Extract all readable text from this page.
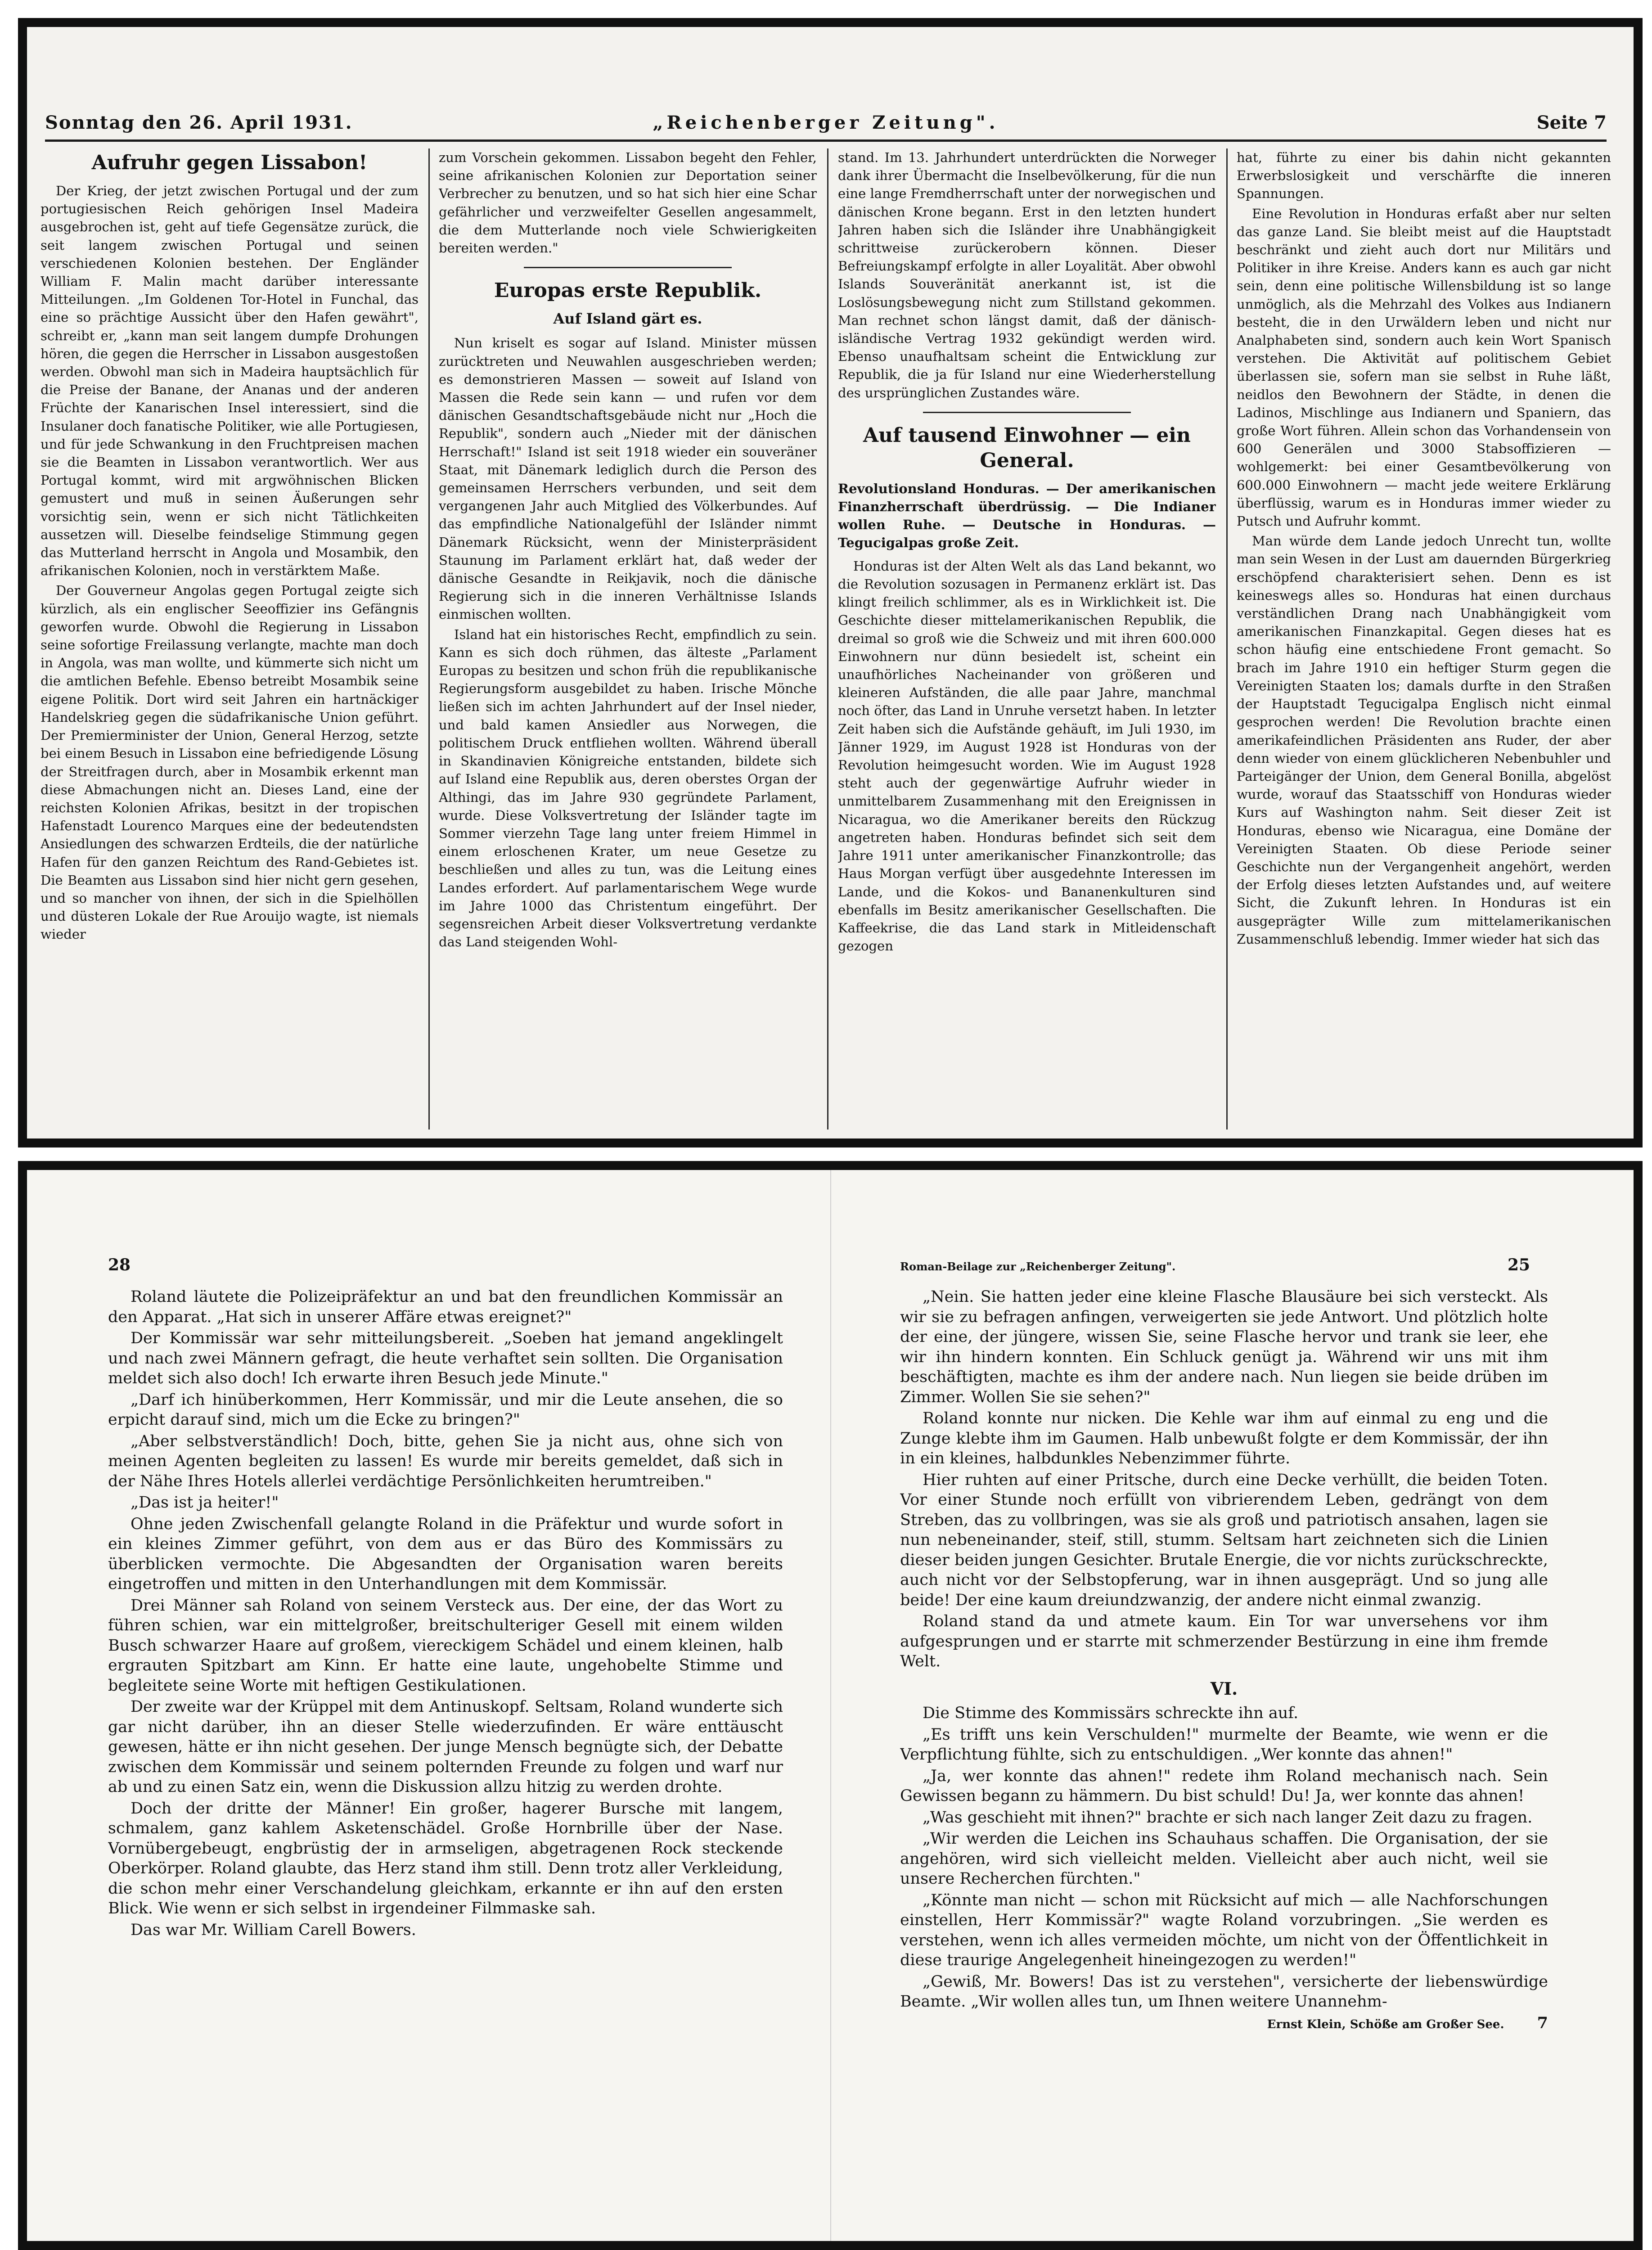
Sonntag den 26. April 1931.	„Reichenberger Zeitung".	Seite 7
Aufruhr gegen Lissabon!

Der Krieg, der jetzt zwischen Portugal und der zum portugiesischen Reich gehörigen Insel Madeira ausgebrochen ist, geht auf tiefe Gegensätze zurück, die seit langem zwischen Portugal und seinen verschiedenen Kolonien bestehen. Der Engländer William F. Malin macht darüber interessante Mitteilungen. „Im Goldenen Tor-Hotel in Funchal, das eine so prächtige Aussicht über den Hafen gewährt", schreibt er, „kann man seit langem dumpfe Drohungen hören, die gegen die Herrscher in Lissabon ausgestoßen werden. Obwohl man sich in Madeira hauptsächlich für die Preise der Banane, der Ananas und der anderen Früchte der Kanarischen Insel interessiert, sind die Insulaner doch fanatische Politiker, wie alle Portugiesen, und für jede Schwankung in den Fruchtpreisen machen sie die Beamten in Lissabon verantwortlich. Wer aus Portugal kommt, wird mit argwöhnischen Blicken gemustert und muß in seinen Äußerungen sehr vorsichtig sein, wenn er sich nicht Tätlichkeiten aussetzen will. Dieselbe feindselige Stimmung gegen das Mutterland herrscht in Angola und Mosambik, den afrikanischen Kolonien, noch in verstärktem Maße.

Der Gouverneur Angolas gegen Portugal zeigte sich kürzlich, als ein englischer Seeoffizier ins Gefängnis geworfen wurde. Obwohl die Regierung in Lissabon seine sofortige Freilassung verlangte, machte man doch in Angola, was man wollte, und kümmerte sich nicht um die amtlichen Befehle. Ebenso betreibt Mosambik seine eigene Politik. Dort wird seit Jahren ein hartnäckiger Handelskrieg gegen die südafrikanische Union geführt. Der Premierminister der Union, General Herzog, setzte bei einem Besuch in Lissabon eine befriedigende Lösung der Streitfragen durch, aber in Mosambik erkennt man diese Abmachungen nicht an. Dieses Land, eine der reichsten Kolonien Afrikas, besitzt in der tropischen Hafenstadt Lourenco Marques eine der bedeutendsten Ansiedlungen des schwarzen Erdteils, die der natürliche Hafen für den ganzen Reichtum des Rand-Gebietes ist. Die Beamten aus Lissabon sind hier nicht gern gesehen, und so mancher von ihnen, der sich in die Spielhöllen und düsteren Lokale der Rue Arouijo wagte, ist niemals wieder

zum Vorschein gekommen. Lissabon begeht den Fehler, seine afrikanischen Kolonien zur Deportation seiner Verbrecher zu benutzen, und so hat sich hier eine Schar gefährlicher und verzweifelter Gesellen angesammelt, die dem Mutterlande noch viele Schwierigkeiten bereiten werden."

Europas erste Republik.
Auf Island gärt es.

Nun kriselt es sogar auf Island. Minister müssen zurücktreten und Neuwahlen ausgeschrieben werden; es demonstrieren Massen — soweit auf Island von Massen die Rede sein kann — und rufen vor dem dänischen Gesandtschaftsgebäude nicht nur „Hoch die Republik", sondern auch „Nieder mit der dänischen Herrschaft!" Island ist seit 1918 wieder ein souveräner Staat, mit Dänemark lediglich durch die Person des gemeinsamen Herrschers verbunden, und seit dem vergangenen Jahr auch Mitglied des Völkerbundes. Auf das empfindliche Nationalgefühl der Isländer nimmt Dänemark Rücksicht, wenn der Ministerpräsident Staunung im Parlament erklärt hat, daß weder der dänische Gesandte in Reikjavik, noch die dänische Regierung sich in die inneren Verhältnisse Islands einmischen wollten.

Island hat ein historisches Recht, empfindlich zu sein. Kann es sich doch rühmen, das älteste „Parlament Europas zu besitzen und schon früh die republikanische Regierungsform ausgebildet zu haben. Irische Mönche ließen sich im achten Jahrhundert auf der Insel nieder, und bald kamen Ansiedler aus Norwegen, die politischem Druck entfliehen wollten. Während überall in Skandinavien Königreiche entstanden, bildete sich auf Island eine Republik aus, deren oberstes Organ der Althingi, das im Jahre 930 gegründete Parlament, wurde. Diese Volksvertretung der Isländer tagte im Sommer vierzehn Tage lang unter freiem Himmel in einem erloschenen Krater, um neue Gesetze zu beschließen und alles zu tun, was die Leitung eines Landes erfordert. Auf parlamentarischem Wege wurde im Jahre 1000 das Christentum eingeführt. Der segensreichen Arbeit dieser Volksvertretung verdankte das Land steigenden Wohl-

stand. Im 13. Jahrhundert unterdrückten die Norweger dank ihrer Übermacht die Inselbevölkerung, für die nun eine lange Fremdherrschaft unter der norwegischen und dänischen Krone begann. Erst in den letzten hundert Jahren haben sich die Isländer ihre Unabhängigkeit schrittweise zurückerobern können. Dieser Befreiungskampf erfolgte in aller Loyalität. Aber obwohl Islands Souveränität anerkannt ist, ist die Loslösungsbewegung nicht zum Stillstand gekommen. Man rechnet schon längst damit, daß der dänisch-isländische Vertrag 1932 gekündigt werden wird. Ebenso unaufhaltsam scheint die Entwicklung zur Republik, die ja für Island nur eine Wiederherstellung des ursprünglichen Zustandes wäre.

Auf tausend Einwohner — ein General.
Revolutionsland Honduras. — Der amerikanischen Finanzherrschaft überdrüssig. — Die Indianer wollen Ruhe. — Deutsche in Honduras. — Tegucigalpas große Zeit.

Honduras ist der Alten Welt als das Land bekannt, wo die Revolution sozusagen in Permanenz erklärt ist. Das klingt freilich schlimmer, als es in Wirklichkeit ist. Die Geschichte dieser mittelamerikanischen Republik, die dreimal so groß wie die Schweiz und mit ihren 600.000 Einwohnern nur dünn besiedelt ist, scheint ein unaufhörliches Nacheinander von größeren und kleineren Aufständen, die alle paar Jahre, manchmal noch öfter, das Land in Unruhe versetzt haben. In letzter Zeit haben sich die Aufstände gehäuft, im Juli 1930, im Jänner 1929, im August 1928 ist Honduras von der Revolution heimgesucht worden. Wie im August 1928 steht auch der gegenwärtige Aufruhr wieder in unmittelbarem Zusammenhang mit den Ereignissen in Nicaragua, wo die Amerikaner bereits den Rückzug angetreten haben. Honduras befindet sich seit dem Jahre 1911 unter amerikanischer Finanzkontrolle; das Haus Morgan verfügt über ausgedehnte Interessen im Lande, und die Kokos- und Bananenkulturen sind ebenfalls im Besitz amerikanischer Gesellschaften. Die Kaffeekrise, die das Land stark in Mitleidenschaft gezogen

hat, führte zu einer bis dahin nicht gekannten Erwerbslosigkeit und verschärfte die inneren Spannungen.

Eine Revolution in Honduras erfaßt aber nur selten das ganze Land. Sie bleibt meist auf die Hauptstadt beschränkt und zieht auch dort nur Militärs und Politiker in ihre Kreise. Anders kann es auch gar nicht sein, denn eine politische Willensbildung ist so lange unmöglich, als die Mehrzahl des Volkes aus Indianern besteht, die in den Urwäldern leben und nicht nur Analphabeten sind, sondern auch kein Wort Spanisch verstehen. Die Aktivität auf politischem Gebiet überlassen sie, sofern man sie selbst in Ruhe läßt, neidlos den Bewohnern der Städte, in denen die Ladinos, Mischlinge aus Indianern und Spaniern, das große Wort führen. Allein schon das Vorhandensein von 600 Generälen und 3000 Stabsoffizieren — wohlgemerkt: bei einer Gesamtbevölkerung von 600.000 Einwohnern — macht jede weitere Erklärung überflüssig, warum es in Honduras immer wieder zu Putsch und Aufruhr kommt.

Man würde dem Lande jedoch Unrecht tun, wollte man sein Wesen in der Lust am dauernden Bürgerkrieg erschöpfend charakterisiert sehen. Denn es ist keineswegs alles so. Honduras hat einen durchaus verständlichen Drang nach Unabhängigkeit vom amerikanischen Finanzkapital. Gegen dieses hat es schon häufig eine entschiedene Front gemacht. So brach im Jahre 1910 ein heftiger Sturm gegen die Vereinigten Staaten los; damals durfte in den Straßen der Hauptstadt Tegucigalpa Englisch nicht einmal gesprochen werden! Die Revolution brachte einen amerikafeindlichen Präsidenten ans Ruder, der aber denn wieder von einem glücklicheren Nebenbuhler und Parteigänger der Union, dem General Bonilla, abgelöst wurde, worauf das Staatsschiff von Honduras wieder Kurs auf Washington nahm. Seit dieser Zeit ist Honduras, ebenso wie Nicaragua, eine Domäne der Vereinigten Staaten. Ob diese Periode seiner Geschichte nun der Vergangenheit angehört, werden der Erfolg dieses letzten Aufstandes und, auf weitere Sicht, die Zukunft lehren. In Honduras ist ein ausgeprägter Wille zum mittelamerikanischen Zusammenschluß lebendig. Immer wieder hat sich das

28	Roman-Beilage zur „Reichenberger Zeitung".	25

Roland läutete die Polizeipräfektur an und bat den freundlichen Kommissär an den Apparat. „Hat sich in unserer Affäre etwas ereignet?"

Der Kommissär war sehr mitteilungsbereit. „Soeben hat jemand angeklingelt und nach zwei Männern gefragt, die heute verhaftet sein sollten. Die Organisation meldet sich also doch! Ich erwarte ihren Besuch jede Minute."

„Darf ich hinüberkommen, Herr Kommissär, und mir die Leute ansehen, die so erpicht darauf sind, mich um die Ecke zu bringen?"

„Aber selbstverständlich! Doch, bitte, gehen Sie ja nicht aus, ohne sich von meinen Agenten begleiten zu lassen! Es wurde mir bereits gemeldet, daß sich in der Nähe Ihres Hotels allerlei verdächtige Persönlichkeiten herumtreiben."

„Das ist ja heiter!"

Ohne jeden Zwischenfall gelangte Roland in die Präfektur und wurde sofort in ein kleines Zimmer geführt, von dem aus er das Büro des Kommissärs zu überblicken vermochte. Die Abgesandten der Organisation waren bereits eingetroffen und mitten in den Unterhandlungen mit dem Kommissär.

Drei Männer sah Roland von seinem Versteck aus. Der eine, der das Wort zu führen schien, war ein mittelgroßer, breitschulteriger Gesell mit einem wilden Busch schwarzer Haare auf großem, viereckigem Schädel und einem kleinen, halb ergrauten Spitzbart am Kinn. Er hatte eine laute, ungehobelte Stimme und begleitete seine Worte mit heftigen Gestikulationen.

Der zweite war der Krüppel mit dem Antinuskopf. Seltsam, Roland wunderte sich gar nicht darüber, ihn an dieser Stelle wiederzufinden. Er wäre enttäuscht gewesen, hätte er ihn nicht gesehen. Der junge Mensch begnügte sich, der Debatte zwischen dem Kommissär und seinem polternden Freunde zu folgen und warf nur ab und zu einen Satz ein, wenn die Diskussion allzu hitzig zu werden drohte.

Doch der dritte der Männer! Ein großer, hagerer Bursche mit langem, schmalem, ganz kahlem Asketenschädel. Große Hornbrille über der Nase. Vornübergebeugt, engbrüstig der in armseligen, abgetragenen Rock steckende Oberkörper. Roland glaubte, das Herz stand ihm still. Denn trotz aller Verkleidung, die schon mehr einer Verschandelung gleichkam, erkannte er ihn auf den ersten Blick. Wie wenn er sich selbst in irgendeiner Filmmaske sah.

Das war Mr. William Carell Bowers.

„Nein. Sie hatten jeder eine kleine Flasche Blausäure bei sich versteckt. Als wir sie zu befragen anfingen, verweigerten sie jede Antwort. Und plötzlich holte der eine, der jüngere, wissen Sie, seine Flasche hervor und trank sie leer, ehe wir ihn hindern konnten. Ein Schluck genügt ja. Während wir uns mit ihm beschäftigten, machte es ihm der andere nach. Nun liegen sie beide drüben im Zimmer. Wollen Sie sie sehen?"

Roland konnte nur nicken. Die Kehle war ihm auf einmal zu eng und die Zunge klebte ihm im Gaumen. Halb unbewußt folgte er dem Kommissär, der ihn in ein kleines, halbdunkles Nebenzimmer führte.

Hier ruhten auf einer Pritsche, durch eine Decke verhüllt, die beiden Toten. Vor einer Stunde noch erfüllt von vibrierendem Leben, gedrängt von dem Streben, das zu vollbringen, was sie als groß und patriotisch ansahen, lagen sie nun nebeneinander, steif, still, stumm. Seltsam hart zeichneten sich die Linien dieser beiden jungen Gesichter. Brutale Energie, die vor nichts zurückschreckte, auch nicht vor der Selbstopferung, war in ihnen ausgeprägt. Und so jung alle beide! Der eine kaum dreiundzwanzig, der andere nicht einmal zwanzig.

Roland stand da und atmete kaum. Ein Tor war unversehens vor ihm aufgesprungen und er starrte mit schmerzender Bestürzung in eine ihm fremde Welt.

VI.

Die Stimme des Kommissärs schreckte ihn auf.

„Es trifft uns kein Verschulden!" murmelte der Beamte, wie wenn er die Verpflichtung fühlte, sich zu entschuldigen. „Wer konnte das ahnen!"

„Ja, wer konnte das ahnen!" redete ihm Roland mechanisch nach. Sein Gewissen begann zu hämmern. Du bist schuld! Du! Ja, wer konnte das ahnen!

„Was geschieht mit ihnen?" brachte er sich nach langer Zeit dazu zu fragen.

„Wir werden die Leichen ins Schauhaus schaffen. Die Organisation, der sie angehören, wird sich vielleicht melden. Vielleicht aber auch nicht, weil sie unsere Recherchen fürchten."

„Könnte man nicht — schon mit Rücksicht auf mich — alle Nachforschungen einstellen, Herr Kommissär?" wagte Roland vorzubringen. „Sie werden es verstehen, wenn ich alles vermeiden möchte, um nicht von der Öffentlichkeit in diese traurige Angelegenheit hineingezogen zu werden!"

„Gewiß, Mr. Bowers! Das ist zu verstehen", versicherte der liebenswürdige Beamte. „Wir wollen alles tun, um Ihnen weitere Unannehm-

Ernst Klein, Schöße am Großer See. 7
